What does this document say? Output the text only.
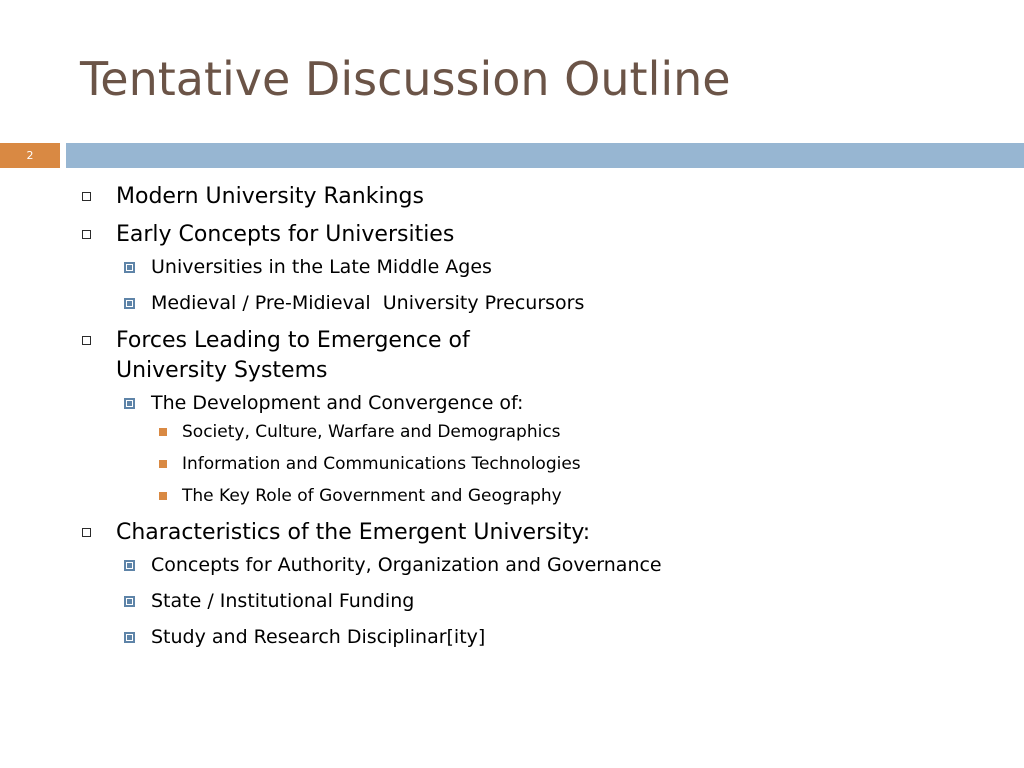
Tentative Discussion Outline
2
Modern University Rankings
Early Concepts for Universities
Universities in the Late Middle Ages
Medieval / Pre-Midieval  University Precursors
Forces Leading to Emergence of
University Systems
The Development and Convergence of:
Society, Culture, Warfare and Demographics
Information and Communications Technologies
The Key Role of Government and Geography
Characteristics of the Emergent University:
Concepts for Authority, Organization and Governance
State / Institutional Funding
Study and Research Disciplinar[ity]
